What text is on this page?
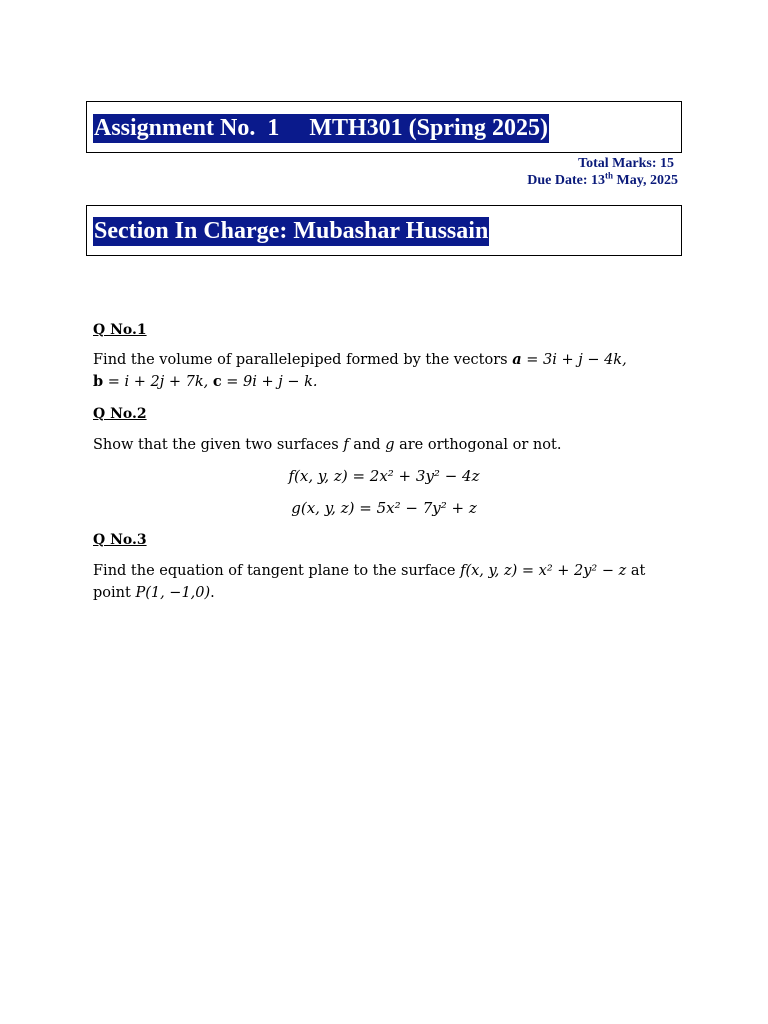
Assignment No.  1     MTH301 (Spring 2025)
Total Marks: 15
Due Date: 13th May, 2025
Section In Charge: Mubashar Hussain
Q No.1
Find the volume of parallelepiped formed by the vectors a = 3i + j − 4k,
b = i + 2j + 7k, c = 9i + j − k.
Q No.2
Show that the given two surfaces f and g are orthogonal or not.
f(x, y, z) = 2x² + 3y² − 4z
g(x, y, z) = 5x² − 7y² + z
Q No.3
Find the equation of tangent plane to the surface f(x, y, z) = x² + 2y² − z at
point P(1, −1,0).
